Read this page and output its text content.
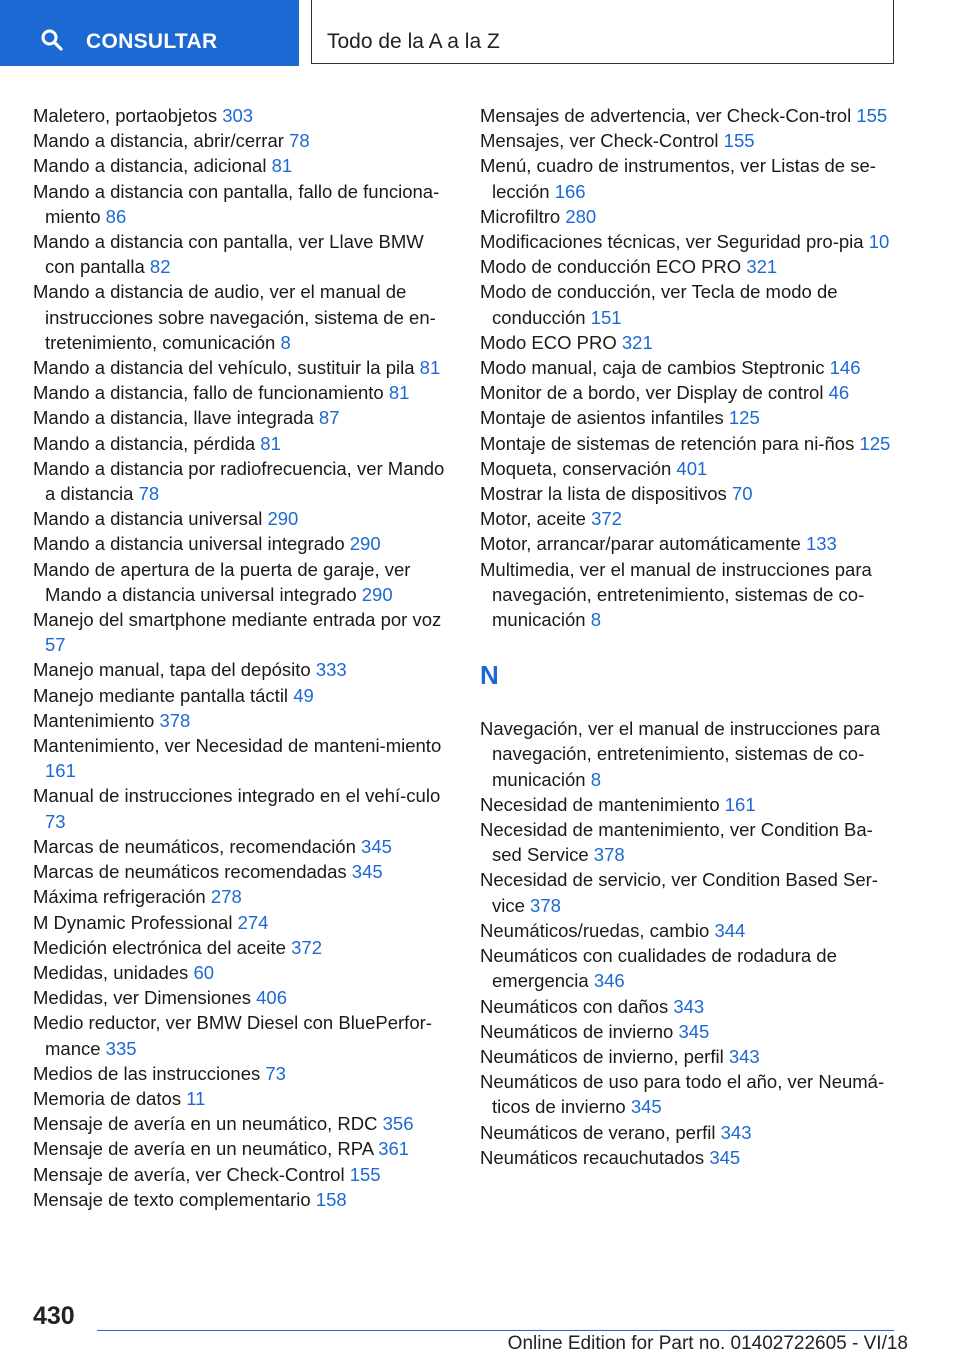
CONSULTAR	Todo de la A a la Z

Maletero, portaobjetos 303

Mando a distancia, abrir/cerrar 78

Mando a distancia, adicional 81

Mando a distancia con pantalla, fallo de funciona-miento 86

Mando a distancia con pantalla, ver Llave BMW con pantalla 82

Mando a distancia de audio, ver el manual de instrucciones sobre navegación, sistema de en-tretenimiento, comunicación 8

Mando a distancia del vehículo, sustituir la pila 81

Mando a distancia, fallo de funcionamiento 81

Mando a distancia, llave integrada 87

Mando a distancia, pérdida 81

Mando a distancia por radiofrecuencia, ver Mando a distancia 78

Mando a distancia universal 290

Mando a distancia universal integrado 290

Mando de apertura de la puerta de garaje, ver Mando a distancia universal integrado 290

Manejo del smartphone mediante entrada por voz 57

Manejo manual, tapa del depósito 333

Manejo mediante pantalla táctil 49

Mantenimiento 378

Mantenimiento, ver Necesidad de manteni-miento 161

Manual de instrucciones integrado en el vehí-culo 73

Marcas de neumáticos, recomendación 345

Marcas de neumáticos recomendadas 345

Máxima refrigeración 278

M Dynamic Professional 274

Medición electrónica del aceite 372

Medidas, unidades 60

Medidas, ver Dimensiones 406

Medio reductor, ver BMW Diesel con BluePerfor-mance 335

Medios de las instrucciones 73

Memoria de datos 11

Mensaje de avería en un neumático, RDC 356

Mensaje de avería en un neumático, RPA 361

Mensaje de avería, ver Check-Control 155

Mensaje de texto complementario 158

Mensajes de advertencia, ver Check-Con-trol 155

Mensajes, ver Check-Control 155

Menú, cuadro de instrumentos, ver Listas de se-lección 166

Microfiltro 280

Modificaciones técnicas, ver Seguridad pro-pia 10

Modo de conducción ECO PRO 321

Modo de conducción, ver Tecla de modo de conducción 151

Modo ECO PRO 321

Modo manual, caja de cambios Steptronic 146

Monitor de a bordo, ver Display de control 46

Montaje de asientos infantiles 125

Montaje de sistemas de retención para ni-ños 125

Moqueta, conservación 401

Mostrar la lista de dispositivos 70

Motor, aceite 372

Motor, arrancar/parar automáticamente 133

Multimedia, ver el manual de instrucciones para navegación, entretenimiento, sistemas de co-municación 8

N

Navegación, ver el manual de instrucciones para navegación, entretenimiento, sistemas de co-municación 8

Necesidad de mantenimiento 161

Necesidad de mantenimiento, ver Condition Ba-sed Service 378

Necesidad de servicio, ver Condition Based Ser-vice 378

Neumáticos/ruedas, cambio 344

Neumáticos con cualidades de rodadura de emergencia 346

Neumáticos con daños 343

Neumáticos de invierno 345

Neumáticos de invierno, perfil 343

Neumáticos de uso para todo el año, ver Neumá-ticos de invierno 345

Neumáticos de verano, perfil 343

Neumáticos recauchutados 345

430
Online Edition for Part no. 01402722605 - VI/18
